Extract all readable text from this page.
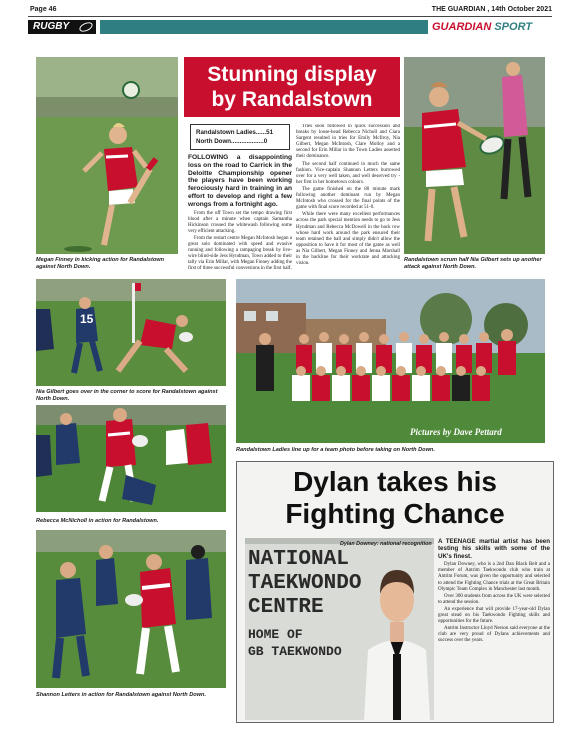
Page 46	THE GUARDIAN , 14th October 2021
RUGBY	GUARDIAN SPORT
Megan Finney in kicking action for Randalstown against North Down.
Stunning display
by Randalstown
Randalstown Ladies......51
North Down...................0
FOLLOWING a disappointing loss on the road to Carrick in the Deloitte Championship opener the players have been working ferociously hard in training in an effort to develop and right a few wrongs from a fortnight ago.

From the off Town set the tempo drawing first blood after a minute when captain Samantha Hickinson crossed the whitewash following some very efficient attacking.

From the restart centre Megan McIntosh began a great solo dominated with speed and evasive running and following a rampaging break by live-wire blind-side Jess Hyndman, Town added to their tally via Erin Millar, with Megan Finney adding the first of three successful conversions in the first half.

Tries soon followed in quick succession and breaks by loose-head Rebecca Nicholl and Ciara Sargent resulted in tries for Emily McIlroy, Nia Gilbert, Megan McIntosh, Clare Molloy and a second for Erin Millar in the Town Ladies asserted their dominance.

The second half continued in much the same fashion. Vice-captain Shannon Letters burrowed over for a very well taken, and well deserved try - her first in her hometown colours.

The game finished on the 80 minute mark following another dominant run by Megan McIntosh who crossed for the final points of the game with final score recorded at 51-0.

While there were many excellent performances across the park special mention needs to go to Jess Hyndman and Rebecca McDowell in the back row whose hard work around the park ensured their team retained the ball and simply didn't allow the opposition to have it for most of the game as well as Nia Gilbert, Megan Finney and Jenna Marshall in the backline for their workrate and attacking vision.

Randalstown scrum half Nia Gilbert sets up another attack against North Down.
15
Nia Gilbert goes over in the corner to score for Randalstown against North Down.
Pictures by Dave Pettard
Randalstown Ladies line up for a team photo before taking on North Down.
Rebecca McNicholl in action for Randalstown.
Shannon Letters in action for Randalstown against North Down.
Dylan takes his
Fighting Chance
NATIONAL
TAEKWONDO
CENTRE
HOME OF
GB TAEKWONDO
Dylan Downey: national recognition A TEENAGE martial artist has been testing his skills with some of the UK's finest.

Dylan Downey, who is a 2nd Dan Black Belt and a member of Antrim Taekwondo club who train at Antrim Forum, was given the opportunity and selected to attend the Fighting Chance trials at the Great Britain Olympic Team Complex in Manchester last month.

Over 300 students from across the UK were selected to attend the session.

An experience that will provide 17-year-old Dylan great stead on his Taekwondo Fighting skills and opportunities for the future.

Antrim Instructor Lloyd Nerson said everyone at the club are very proud of Dylans achievements and success over the years.
